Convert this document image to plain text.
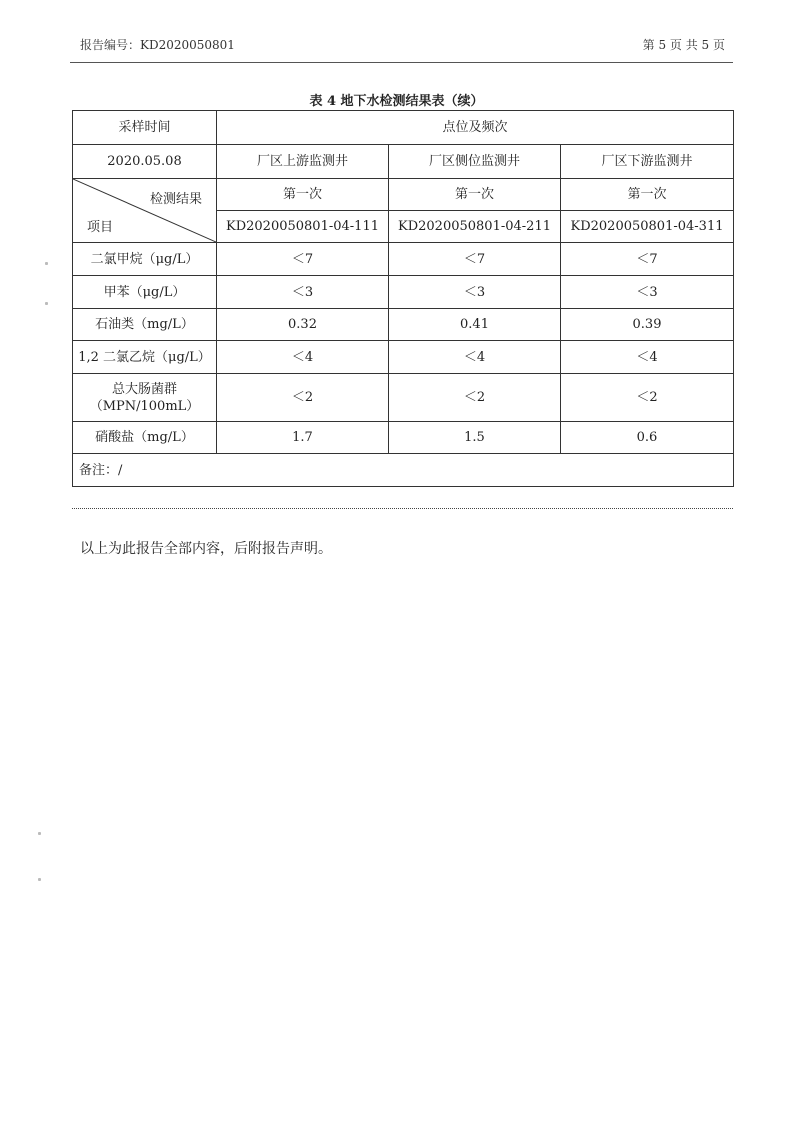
报告编号：KD2020050801	第 5 页 共 5 页
表 4 地下水检测结果表（续）
采样时间	点位及频次		
2020.05.08	厂区上游监测井	厂区侧位监测井	厂区下游监测井

检测结果
项目	第一次	第一次	第一次
	KD2020050801-04-111	KD2020050801-04-211	KD2020050801-04-311
二氯甲烷（μg/L）	＜7	＜7	＜7
甲苯（μg/L）	＜3	＜3	＜3
石油类（mg/L）	0.32	0.41	0.39
1,2 二氯乙烷（μg/L）	＜4	＜4	＜4

总大肠菌群
（MPN/100mL）	＜2	＜2	＜2
硝酸盐（mg/L）	1.7	1.5	0.6
备注：/			
以上为此报告全部内容，后附报告声明。
